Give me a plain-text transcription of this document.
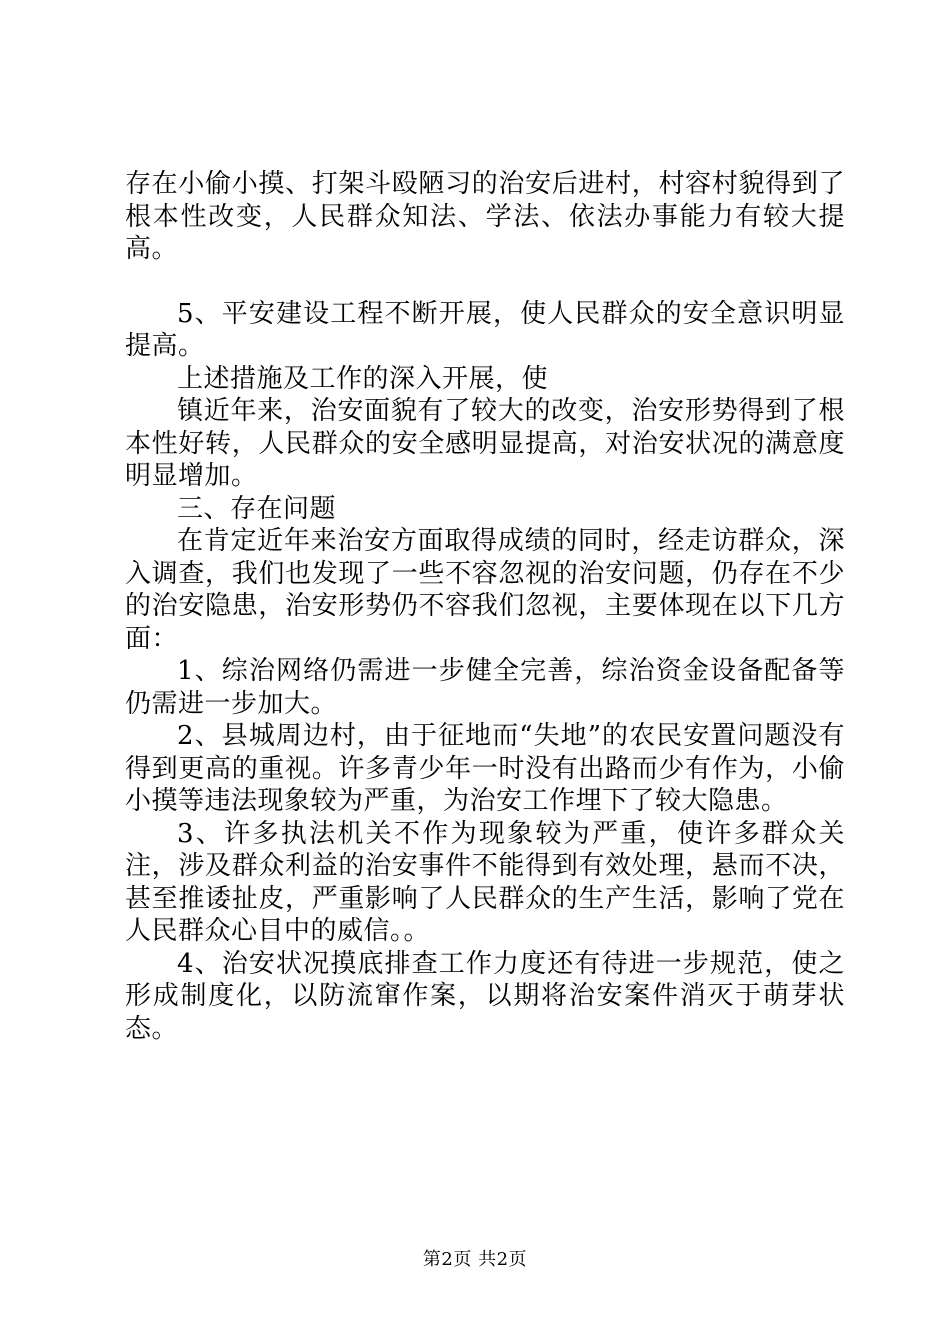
存在小偷小摸、打架斗殴陋习的治安后进村，村容村貌得到了根本性改变，人民群众知法、学法、依法办事能力有较大提高。

5、平安建设工程不断开展，使人民群众的安全意识明显提高。

上述措施及工作的深入开展，使

镇近年来，治安面貌有了较大的改变，治安形势得到了根本性好转，人民群众的安全感明显提高，对治安状况的满意度明显增加。

三、存在问题

在肯定近年来治安方面取得成绩的同时，经走访群众，深入调查，我们也发现了一些不容忽视的治安问题，仍存在不少的治安隐患，治安形势仍不容我们忽视，主要体现在以下几方面：

1、综治网络仍需进一步健全完善，综治资金设备配备等仍需进一步加大。

2、县城周边村，由于征地而“失地”的农民安置问题没有得到更高的重视。许多青少年一时没有出路而少有作为，小偷小摸等违法现象较为严重，为治安工作埋下了较大隐患。

3、许多执法机关不作为现象较为严重，使许多群众关注，涉及群众利益的治安事件不能得到有效处理，悬而不决，甚至推诿扯皮，严重影响了人民群众的生产生活，影响了党在人民群众心目中的威信。。

4、治安状况摸底排查工作力度还有待进一步规范，使之形成制度化，以防流窜作案，以期将治安案件消灭于萌芽状态。

第2页 共2页
